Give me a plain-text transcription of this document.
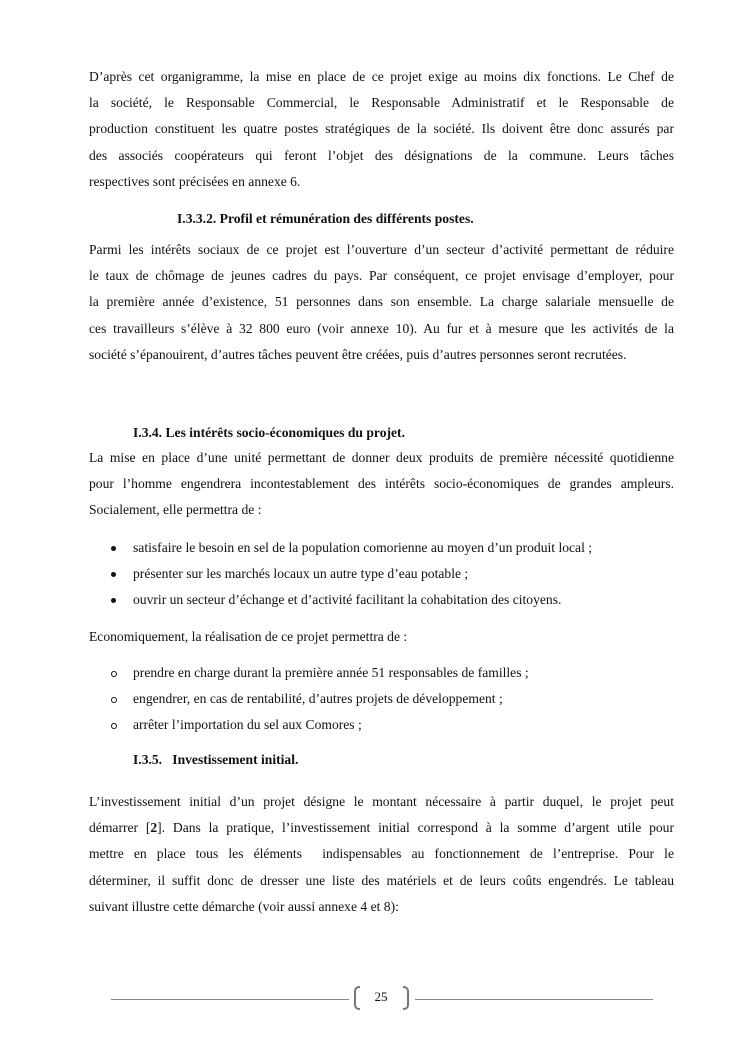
D’après cet organigramme, la mise en place de ce projet exige au moins dix fonctions. Le Chef de
la société, le Responsable Commercial, le Responsable Administratif et le Responsable de
production constituent les quatre postes stratégiques de la société. Ils doivent être donc assurés par
des associés coopérateurs qui feront l’objet des désignations de la commune. Leurs tâches
respectives sont précisées en annexe 6.

I.3.3.2. Profil et rémunération des différents postes.

Parmi les intérêts sociaux de ce projet est l’ouverture d’un secteur d’activité permettant de réduire
le taux de chômage de jeunes cadres du pays. Par conséquent, ce projet envisage d’employer, pour
la première année d’existence, 51 personnes dans son ensemble. La charge salariale mensuelle de
ces travailleurs s’élève à 32 800 euro (voir annexe 10). Au fur et à mesure que les activités de la
société s’épanouirent, d’autres tâches peuvent être créées, puis d’autres personnes seront recrutées.

I.3.4. Les intérêts socio-économiques du projet.

La mise en place d’une unité permettant de donner deux produits de première nécessité quotidienne
pour l’homme engendrera incontestablement des intérêts socio-économiques de grandes ampleurs.
Socialement, elle permettra de :

satisfaire le besoin en sel de la population comorienne au moyen d’un produit local ;
présenter sur les marchés locaux un autre type d’eau potable ;
ouvrir un secteur d’échange et d’activité facilitant la cohabitation des citoyens.

Economiquement, la réalisation de ce projet permettra de :

prendre en charge durant la première année 51 responsables de familles ;
engendrer, en cas de rentabilité, d’autres projets de développement ;
arrêter l’importation du sel aux Comores ;
I.3.5.   Investissement initial.

L’investissement initial d’un projet désigne le montant nécessaire à partir duquel, le projet peut
démarrer [2]. Dans la pratique, l’investissement initial correspond à la somme d’argent utile pour
mettre en place tous les éléments  indispensables au fonctionnement de l’entreprise. Pour le
déterminer, il suffit donc de dresser une liste des matériels et de leurs coûts engendrés. Le tableau
suivant illustre cette démarche (voir aussi annexe 4 et 8):

25
